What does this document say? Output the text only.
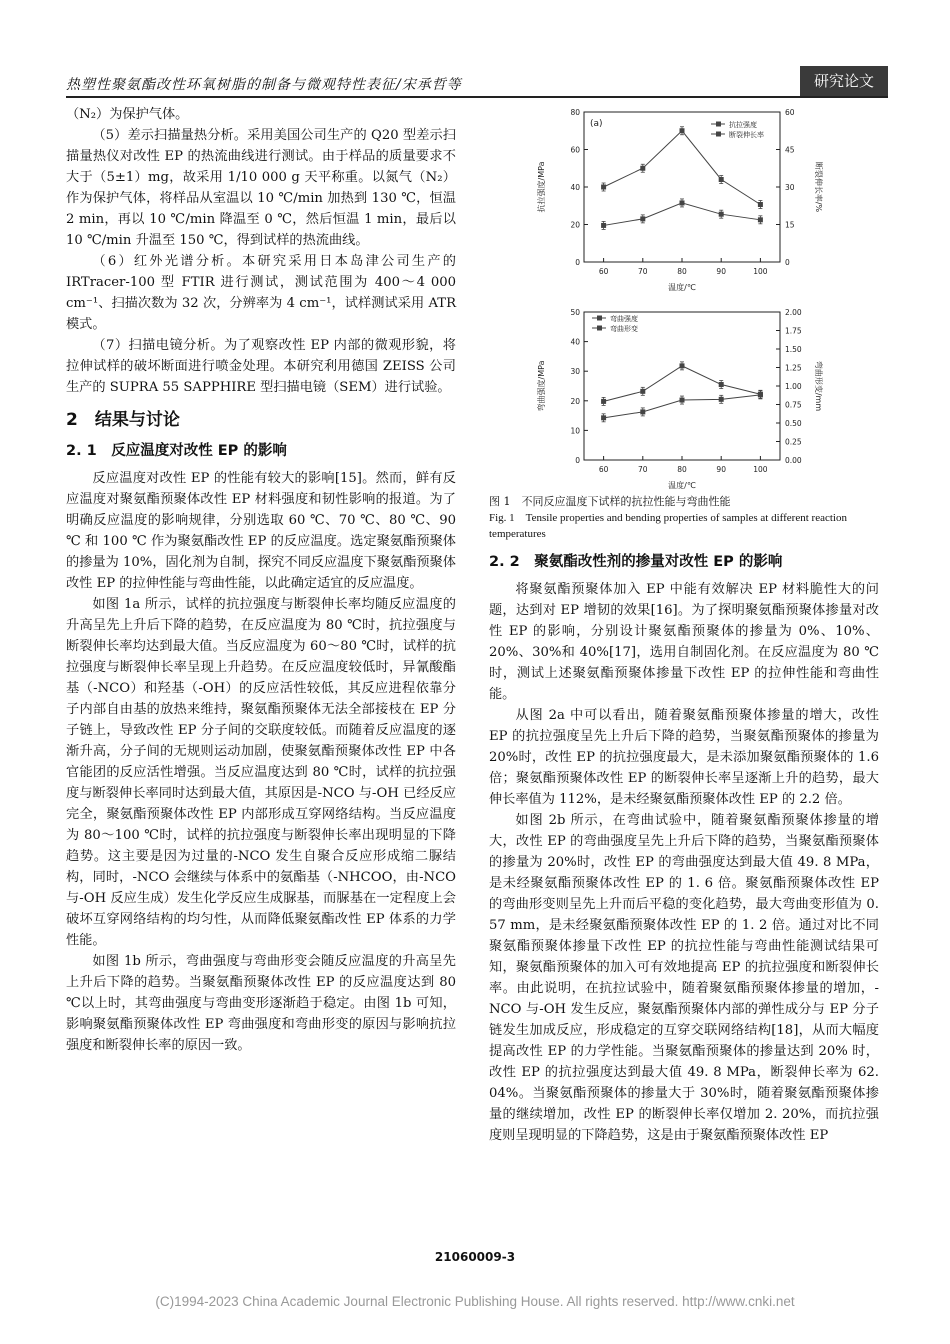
热塑性聚氨酯改性环氧树脂的制备与微观特性表征/宋承哲等	研究论文

（N₂）为保护气体。

（5）差示扫描量热分析。采用美国公司生产的 Q20 型差示扫描量热仪对改性 EP 的热流曲线进行测试。由于样品的质量要求不大于（5±1）mg，故采用 1/10 000 g 天平称重。以氮气（N₂）作为保护气体，将样品从室温以 10 ℃/min 加热到 130 ℃，恒温 2 min，再以 10 ℃/min 降温至 0 ℃，然后恒温 1 min，最后以 10 ℃/min 升温至 150 ℃，得到试样的热流曲线。

（6）红外光谱分析。本研究采用日本岛津公司生产的 IRTracer-100 型 FTIR 进行测试，测试范围为 400～4 000 cm⁻¹、扫描次数为 32 次，分辨率为 4 cm⁻¹，试样测试采用 ATR 模式。

（7）扫描电镜分析。为了观察改性 EP 内部的微观形貌，将拉伸试样的破坏断面进行喷金处理。本研究利用德国 ZEISS 公司生产的 SUPRA 55 SAPPHIRE 型扫描电镜（SEM）进行试验。

2　结果与讨论
2. 1　反应温度对改性 EP 的影响

反应温度对改性 EP 的性能有较大的影响[15]。然而，鲜有反应温度对聚氨酯预聚体改性 EP 材料强度和韧性影响的报道。为了明确反应温度的影响规律，分别选取 60 ℃、70 ℃、80 ℃、90 ℃ 和 100 ℃ 作为聚氨酯改性 EP 的反应温度。选定聚氨酯预聚体的掺量为 10%，固化剂为自制，探究不同反应温度下聚氨酯预聚体改性 EP 的拉伸性能与弯曲性能，以此确定适宜的反应温度。

如图 1a 所示，试样的抗拉强度与断裂伸长率均随反应温度的升高呈先上升后下降的趋势，在反应温度为 80 ℃时，抗拉强度与断裂伸长率均达到最大值。当反应温度为 60～80 ℃时，试样的抗拉强度与断裂伸长率呈现上升趋势。在反应温度较低时，异氰酸酯基（-NCO）和羟基（-OH）的反应活性较低，其反应进程依靠分子内部自由基的放热来维持，聚氨酯预聚体无法全部接枝在 EP 分子链上，导致改性 EP 分子间的交联度较低。而随着反应温度的逐渐升高，分子间的无规则运动加剧，使聚氨酯预聚体改性 EP 中各官能团的反应活性增强。当反应温度达到 80 ℃时，试样的抗拉强度与断裂伸长率同时达到最大值，其原因是-NCO 与-OH 已经反应完全，聚氨酯预聚体改性 EP 内部形成互穿网络结构。当反应温度为 80～100 ℃时，试样的抗拉强度与断裂伸长率出现明显的下降趋势。这主要是因为过量的-NCO 发生自聚合反应形成缩二脲结构，同时，-NCO 会继续与体系中的氨酯基（-NHCOO，由-NCO 与-OH 反应生成）发生化学反应生成脲基，而脲基在一定程度上会破坏互穿网络结构的均匀性，从而降低聚氨酯改性 EP 体系的力学性能。

如图 1b 所示，弯曲强度与弯曲形变会随反应温度的升高呈先上升后下降的趋势。当聚氨酯预聚体改性 EP 的反应温度达到 80 ℃以上时，其弯曲强度与弯曲变形逐渐趋于稳定。由图 1b 可知，影响聚氨酯预聚体改性 EP 弯曲强度和弯曲形变的原因与影响抗拉强度和断裂伸长率的原因一致。

0
20
40
60
80
0
15
30
45
60
60	70	80	90	100
温度/℃
抗拉强度/MPa	断裂伸长率/%
(a)	抗拉强度
断裂伸长率
0
10
20
30
40
50
0.00
0.25
0.50
0.75
1.00
1.25
1.50
1.75
2.00
60	70	80	90	100
温度/℃
弯曲强度/MPa	弯曲形变/mm
弯曲强度
弯曲形变
图 1　不同反应温度下试样的抗拉性能与弯曲性能
Fig. 1　Tensile properties and bending properties of samples at different reaction temperatures
2. 2　聚氨酯改性剂的掺量对改性 EP 的影响

将聚氨酯预聚体加入 EP 中能有效解决 EP 材料脆性大的问题，达到对 EP 增韧的效果[16]。为了探明聚氨酯预聚体掺量对改性 EP 的影响，分别设计聚氨酯预聚体的掺量为 0%、10%、20%、30%和 40%[17]，选用自制固化剂。在反应温度为 80 ℃时，测试上述聚氨酯预聚体掺量下改性 EP 的拉伸性能和弯曲性能。

从图 2a 中可以看出，随着聚氨酯预聚体掺量的增大，改性 EP 的抗拉强度呈先上升后下降的趋势，当聚氨酯预聚体的掺量为 20%时，改性 EP 的抗拉强度最大，是未添加聚氨酯预聚体的 1.6 倍；聚氨酯预聚体改性 EP 的断裂伸长率呈逐渐上升的趋势，最大伸长率值为 112%，是未经聚氨酯预聚体改性 EP 的 2.2 倍。

如图 2b 所示，在弯曲试验中，随着聚氨酯预聚体掺量的增大，改性 EP 的弯曲强度呈先上升后下降的趋势，当聚氨酯预聚体的掺量为 20%时，改性 EP 的弯曲强度达到最大值 49. 8 MPa，是未经聚氨酯预聚体改性 EP 的 1. 6 倍。聚氨酯预聚体改性 EP 的弯曲形变则呈先上升而后平稳的变化趋势，最大弯曲变形值为 0. 57 mm，是未经聚氨酯预聚体改性 EP 的 1. 2 倍。通过对比不同聚氨酯预聚体掺量下改性 EP 的抗拉性能与弯曲性能测试结果可知，聚氨酯预聚体的加入可有效地提高 EP 的抗拉强度和断裂伸长率。由此说明，在抗拉试验中，随着聚氨酯预聚体掺量的增加，-NCO 与-OH 发生反应，聚氨酯预聚体内部的弹性成分与 EP 分子链发生加成反应，形成稳定的互穿交联网络结构[18]，从而大幅度提高改性 EP 的力学性能。当聚氨酯预聚体的掺量达到 20% 时，改性 EP 的抗拉强度达到最大值 49. 8 MPa，断裂伸长率为 62. 04%。当聚氨酯预聚体的掺量大于 30%时，随着聚氨酯预聚体掺量的继续增加，改性 EP 的断裂伸长率仅增加 2. 20%，而抗拉强度则呈现明显的下降趋势，这是由于聚氨酯预聚体改性 EP

21060009-3
(C)1994-2023 China Academic Journal Electronic Publishing House. All rights reserved. http://www.cnki.net
